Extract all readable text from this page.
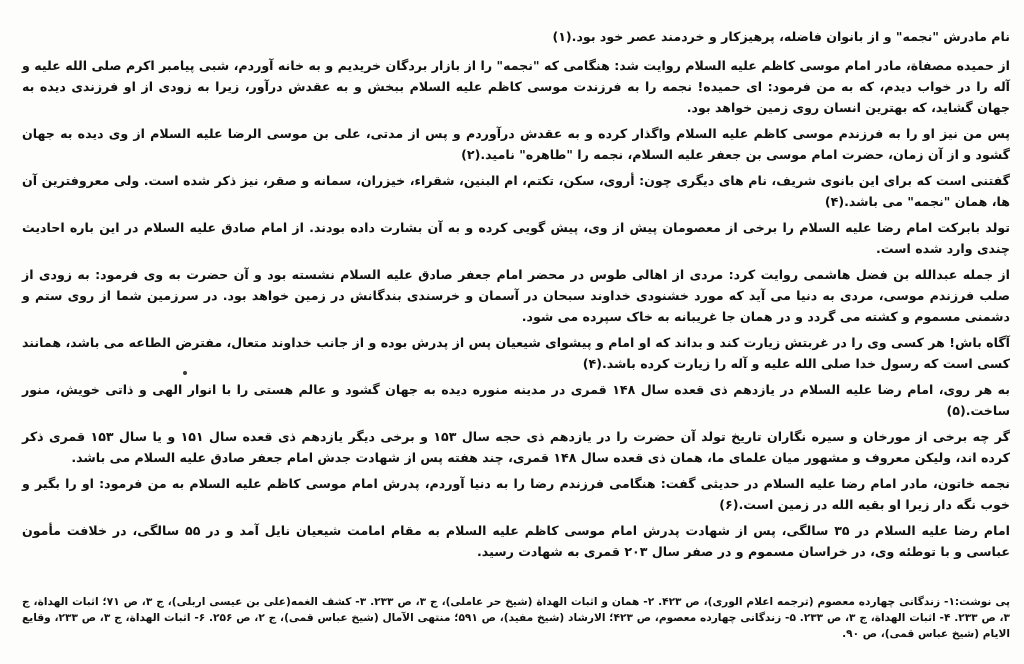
نام مادرش "نجمه" و از بانوان فاضله، پرهیزکار و خردمند عصر خود بود.(۱)

از حمیده مصفاة، مادر امام موسی کاظم علیه السلام روایت شد: هنگامی که "نجمه" را از بازار بردگان خریدیم و به خانه آوردم، شبی پیامبر اکرم صلی الله علیه و آله را در خواب دیدم، که به من فرمود: ای حمیده! نجمه را به فرزندت موسی کاظم علیه السلام ببخش و به عقدش درآور، زیرا به زودی از او فرزندی دیده به جهان گشاید، که بهترین انسان روی زمین خواهد بود.

پس من نیز او را به فرزندم موسی کاظم علیه السلام واگذار کرده و به عقدش درآوردم و پس از مدتی، علی بن موسی الرضا علیه السلام از وی دیده به جهان گشود و از آن زمان، حضرت امام موسی بن جعفر علیه السلام، نجمه را "طاهره" نامید.(۲)

گفتنی است که برای این بانوی شریف، نام های دیگری چون: أروی، سکن، تکتم، ام البنین، شقراء، خیزران، سمانه و صقر، نیز ذکر شده است. ولی معروفترین آن ها، همان "نجمه" می باشد.(۴)

تولد بابرکت امام رضا علیه السلام را برخی از معصومان پیش از وی، پیش گویی کرده و به آن بشارت داده بودند. از امام صادق علیه السلام در این باره احادیث چندی وارد شده است.

از جمله عبدالله بن فضل هاشمی روایت کرد: مردی از اهالی طوس در محضر امام جعفر صادق علیه السلام نشسته بود و آن حضرت به وی فرمود: به زودی از صلب فرزندم موسی، مردی به دنیا می آید که مورد خشنودی خداوند سبحان در آسمان و خرسندی بندگانش در زمین خواهد بود. در سرزمین شما از روی ستم و دشمنی مسموم و کشته می گردد و در همان جا غریبانه به خاک سپرده می شود.

آگاه باش! هر کسی وی را در غربتش زیارت کند و بداند که او امام و پیشوای شیعیان پس از پدرش بوده و از جانب خداوند متعال، مفترض الطاعه می باشد، همانند کسی است که رسول خدا صلی الله علیه و آله را زیارت کرده باشد.(۴)

به هر روی، امام رضا علیه السلام در یازدهم ذی قعده سال ۱۴۸ قمری در مدینه منوره دیده به جهان گشود و عالم هستی را با انوار الهی و ذاتی خویش، منور ساخت.(۵)

گر چه برخی از مورخان و سیره نگاران تاریخ تولد آن حضرت را در یازدهم ذی حجه سال ۱۵۳ و برخی دیگر یازدهم ذی قعده سال ۱۵۱ و یا سال ۱۵۳ قمری ذکر کرده اند، ولیکن معروف و مشهور میان علمای ما، همان ذی قعده سال ۱۴۸ قمری، چند هفته پس از شهادت جدش امام جعفر صادق علیه السلام می باشد.

نجمه خاتون، مادر امام رضا علیه السلام در حدیثی گفت: هنگامی فرزندم رضا را به دنیا آوردم، پدرش امام موسی کاظم علیه السلام به من فرمود: او را بگیر و خوب نگه دار زیرا او بقیه الله در زمین است.(۶)

امام رضا علیه السلام در ۳۵ سالگی، پس از شهادت پدرش امام موسی کاظم علیه السلام به مقام امامت شیعیان نایل آمد و در ۵۵ سالگی، در خلافت مأمون عباسی و با توطئه وی، در خراسان مسموم و در صفر سال ۲۰۳ قمری به شهادت رسید.

پی نوشت:۱- زندگانی چهارده معصوم (ترجمه اعلام الوری)، ص ۴۲۳. ۲- همان و اثبات الهداة (شیخ حر عاملی)، ج ۳، ص ۲۳۳. ۳- کشف الغمه(علی بن عیسی اربلی)، ج ۳، ص ۷۱؛ اثبات الهداة، ج ۳، ص ۲۳۳. ۴- اثبات الهداة، ج ۳، ص ۲۳۳. ۵- زندگانی چهارده معصوم، ص ۴۲۳؛ الارشاد (شیخ مفید)، ص ۵۹۱؛ منتهی الآمال (شیخ عباس قمی)، ج ۲، ص ۲۵۶. ۶- اثبات الهداة، ج ۳، ص ۲۳۳، وقایع الایام (شیخ عباس قمی)، ص ۹۰.
